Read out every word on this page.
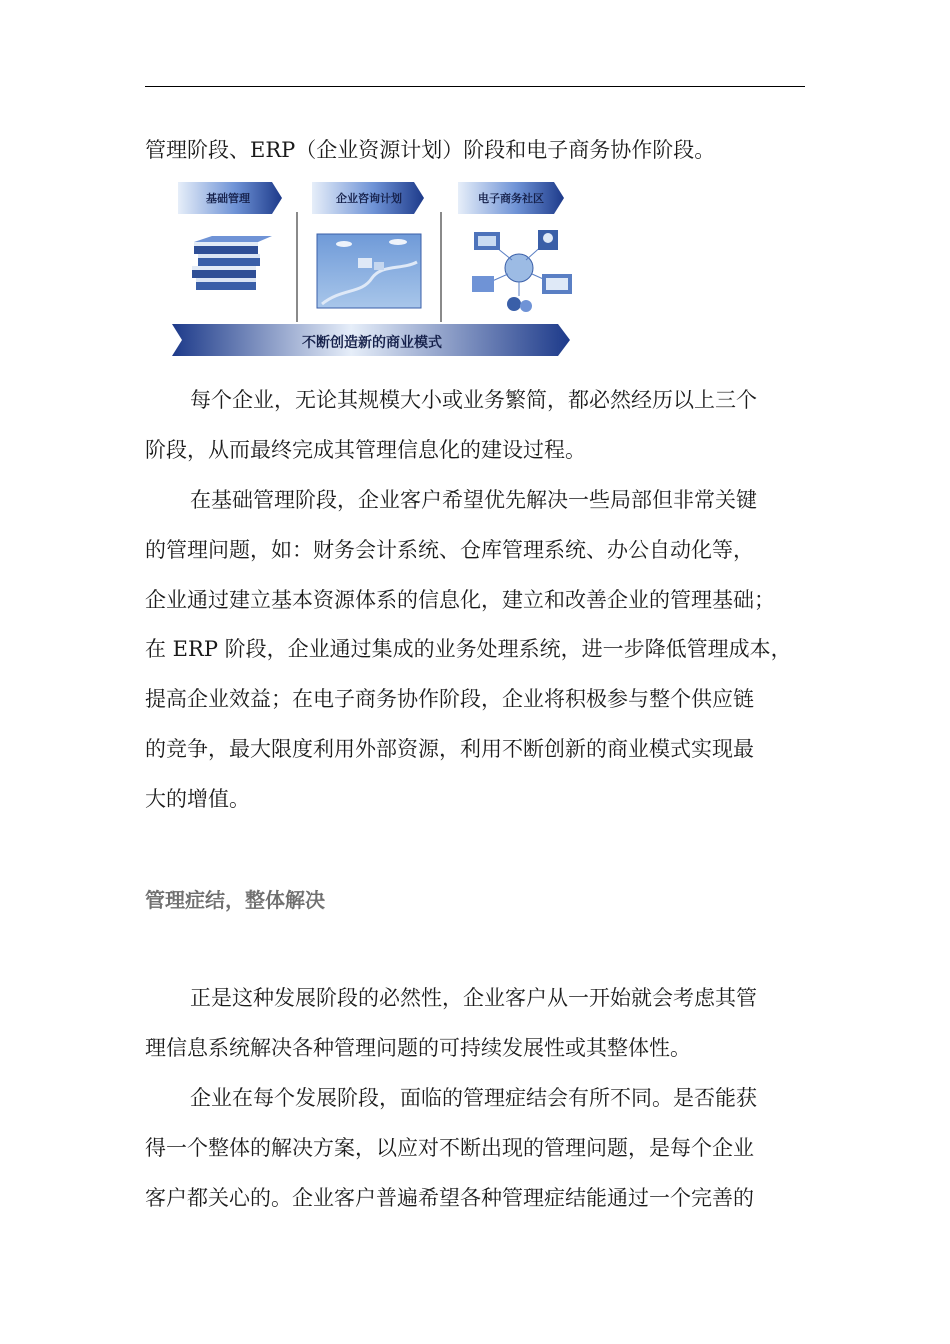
管理阶段、ERP（企业资源计划）阶段和电子商务协作阶段。
基础管理	企业咨询计划	电子商务社区
不断创造新的商业模式
每个企业，无论其规模大小或业务繁简，都必然经历以上三个
阶段，从而最终完成其管理信息化的建设过程。
在基础管理阶段，企业客户希望优先解决一些局部但非常关键
的管理问题，如：财务会计系统、仓库管理系统、办公自动化等，
企业通过建立基本资源体系的信息化，建立和改善企业的管理基础；
在 ERP 阶段，企业通过集成的业务处理系统，进一步降低管理成本，
提高企业效益；在电子商务协作阶段，企业将积极参与整个供应链
的竞争，最大限度利用外部资源，利用不断创新的商业模式实现最
大的增值。
管理症结，整体解决
正是这种发展阶段的必然性，企业客户从一开始就会考虑其管
理信息系统解决各种管理问题的可持续发展性或其整体性。
企业在每个发展阶段，面临的管理症结会有所不同。是否能获
得一个整体的解决方案，以应对不断出现的管理问题，是每个企业
客户都关心的。企业客户普遍希望各种管理症结能通过一个完善的
